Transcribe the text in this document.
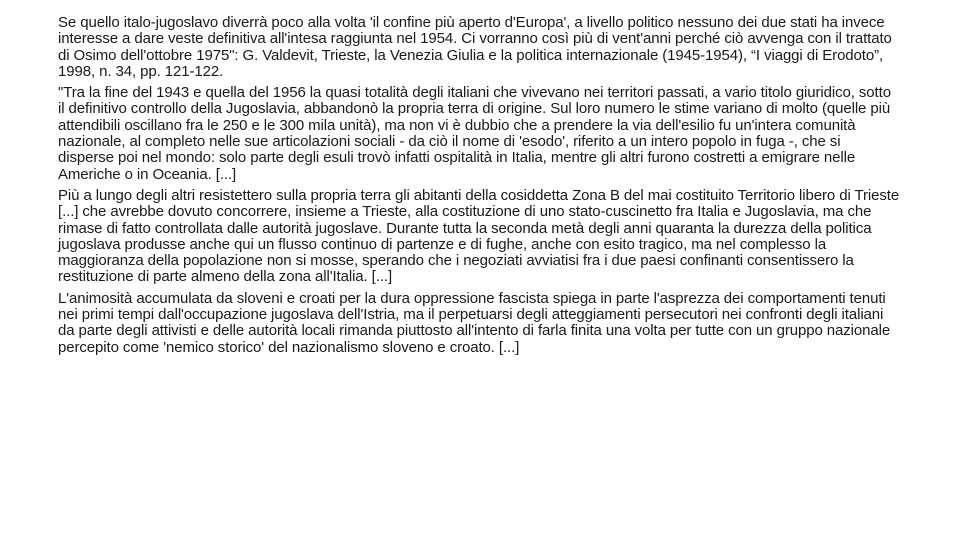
Se quello italo-jugoslavo diverrà poco alla volta 'il confine più aperto d'Europa', a livello politico nessuno dei due stati ha invece interesse a dare veste definitiva all'intesa raggiunta nel 1954. Ci vorranno così più di vent'anni perché ciò avvenga con il trattato di Osimo dell'ottobre 1975": G. Valdevit, Trieste, la Venezia Giulia e la politica internazionale (1945-1954), “I viaggi di Erodoto”, 1998, n. 34, pp. 121-122.

"Tra la fine del 1943 e quella del 1956 la quasi totalità degli italiani che vivevano nei territori passati, a vario titolo giuridico, sotto il definitivo controllo della Jugoslavia, abbandonò la propria terra di origine. Sul loro numero le stime variano di molto (quelle più attendibili oscillano fra le 250 e le 300 mila unità), ma non vi è dubbio che a prendere la via dell'esilio fu un'intera comunità nazionale, al completo nelle sue articolazioni sociali - da ciò il nome di 'esodo', riferito a un intero popolo in fuga -, che si disperse poi nel mondo: solo parte degli esuli trovò infatti ospitalità in Italia, mentre gli altri furono costretti a emigrare nelle Americhe o in Oceania. [...]

Più a lungo degli altri resistettero sulla propria terra gli abitanti della cosiddetta Zona B del mai costituito Territorio libero di Trieste [...] che avrebbe dovuto concorrere, insieme a Trieste, alla costituzione di uno stato-cuscinetto fra Italia e Jugoslavia, ma che rimase di fatto controllata dalle autorità jugoslave. Durante tutta la seconda metà degli anni quaranta la durezza della politica jugoslava produsse anche qui un flusso continuo di partenze e di fughe, anche con esito tragico, ma nel complesso la maggioranza della popolazione non si mosse, sperando che i negoziati avviatisi fra i due paesi confinanti consentissero la restituzione di parte almeno della zona all'Italia. [...]

L'animosità accumulata da sloveni e croati per la dura oppressione fascista spiega in parte l'asprezza dei comportamenti tenuti nei primi tempi dall'occupazione jugoslava dell'Istria, ma il perpetuarsi degli atteggiamenti persecutori nei confronti degli italiani da parte degli attivisti e delle autorità locali rimanda piuttosto all'intento di farla finita una volta per tutte con un gruppo nazionale percepito come 'nemico storico' del nazionalismo sloveno e croato. [...]
